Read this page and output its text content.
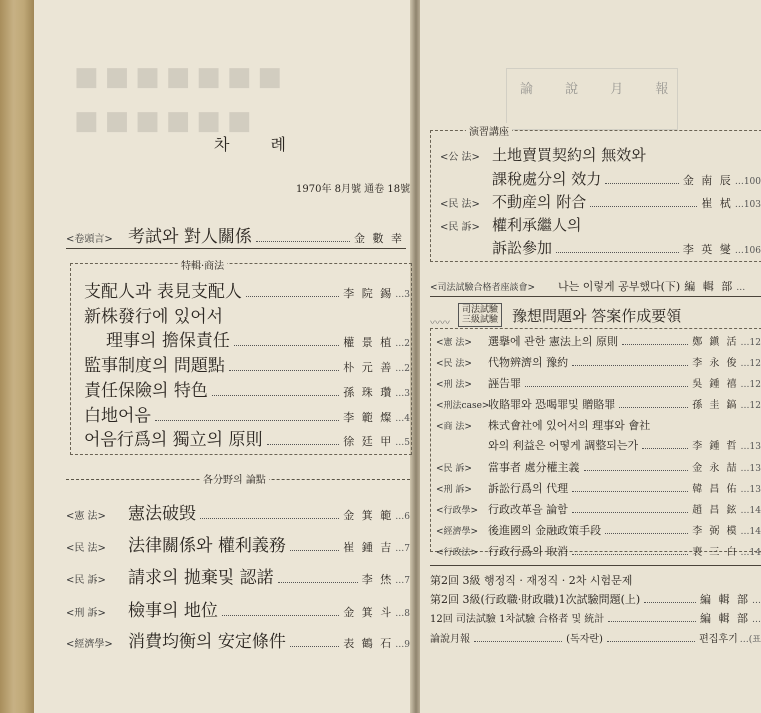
■■■■■■■
■■■■■■
차 례
1970年 8月號 通卷 18號
<卷頭言> 考試와 對人關係	金 數 幸
特輯·商法
支配人과 表見支配人	李 院 錫 …3
新株發行에 있어서
理事의 擔保責任	權 景 植 …2
監事制度의 問題點	朴 元 善 …2
責任保險의 特色	孫 珠 瓚 …3
白地어음	李 範 燦 …4
어음行爲의 獨立의 原則	徐 廷 甲 …5
各分野의 論點
<憲 法>	憲法破毁	金 箕 範 …6
<民 法>	法律關係와 權利義務	崔 鍾 吉 …7
<民 訴>	請求의 拋棄및 認諾	李 烋 …7
<刑 訴>	檢事의 地位	金 箕 斗 …8
<經濟學> 消費均衡의 安定條件	表 鶴 石 …9
論 說 月 報
演習講座
<公 法> 土地賣買契約의 無效와
課稅處分의 效力	金 南 辰 …100
<民 法> 不動産의 附合	崔 栻 …103
<民 訴> 權利承繼人의
訴訟參加	李 英 燮 …106
<司法試驗合格者座談會>	나는 이렇게 공부했다(下) 編 輯 部 …
〰〰
司法試驗
三級試驗 豫想問題와 答案作成要領
<憲 法>	選擧에 관한 憲法上의 原則	鄭 鎭 活 …12
<民 法>	代物辨濟의 豫約	李 永 俊 …12
<刑 法>	誣告罪	吳 鍾 禧 …12
<刑法case>
收賂罪와 恐喝罪및 贈賂罪	孫 圭 鎬 …12
<商 法>	株式會社에 있어서의 理事와 會社
와의 利益은 어떻게 調整되는가	李 鍾 哲 …13
<民 訴>	當事者 處分權主義	金 永 喆 …13
<刑 訴>	訴訟行爲의 代理	韓 昌 佑 …13
<行政學> 行政改革을 論함	趙 昌 鉉 …14
<經濟學> 後進國의 金融政策手段	李 弼 模 …14
<行政法> 行政行爲의 取消	裵 三 白 …14
第2回 3級 행정직 · 재정직 · 2차 시험문제
第2回 3級(行政職·財政職)1次試驗問題(上)	編 輯 部 …
12回 司法試驗 1차試驗 合格者 및 統計	編 輯 部 …
論說月報	(독자란)	편집후기 …(표
